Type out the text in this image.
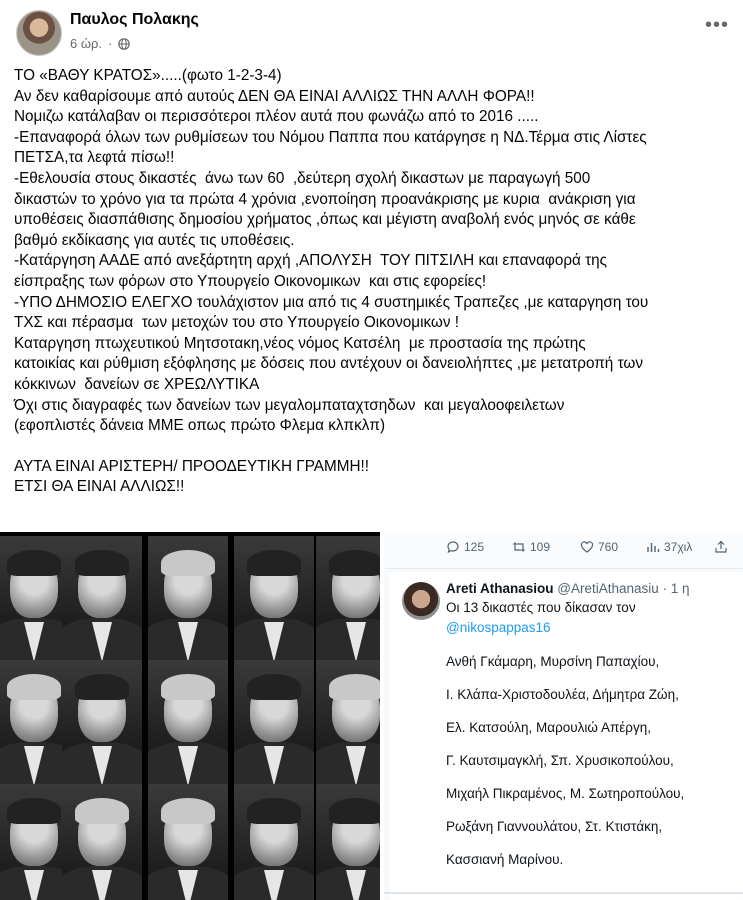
Παυλος Πολακης
6 ώρ. ·
•••

ΤΟ «ΒΑΘΥ ΚΡΑΤΟΣ».....(φωτο 1-2-3-4)

Αν δεν καθαρίσουμε από αυτούς ΔΕΝ ΘΑ ΕΙΝΑΙ ΑΛΛΙΩΣ ΤΗΝ ΑΛΛΗ ΦΟΡΑ!!

Νομιζω κατάλαβαν οι περισσότεροι πλέον αυτά που φωνάζω από το 2016 .....

-Επαναφορά όλων των ρυθμίσεων του Νόμου Παππα που κατάργησε η ΝΔ.Τέρμα στις Λίστες

ΠΕΤΣΑ,τα λεφτά πίσω!!

-Εθελουσία στους δικαστές  άνω των 60  ,δεύτερη σχολή δικαστων με παραγωγή 500

δικαστών το χρόνο για τα πρώτα 4 χρόνια ,ενοποίηση προανάκρισης με κυρια  ανάκριση για

υποθέσεις διασπάθισης δημοσίου χρήματος ,όπως και μέγιστη αναβολή ενός μηνός σε κάθε

βαθμό εκδίκασης για αυτές τις υποθέσεις.

-Κατάργηση ΑΑΔΕ από ανεξάρτητη αρχή ,ΑΠΟΛΥΣΗ  ΤΟΥ ΠΙΤΣΙΛΗ και επαναφορά της

είσπραξης των φόρων στο Υπουργείο Οικονομικων  και στις εφορείες!

-ΥΠΟ ΔΗΜΟΣΙΟ ΕΛΕΓΧΟ τουλάχιστον μια από τις 4 συστημικές Τραπεζες ,με καταργηση του

ΤΧΣ και πέρασμα  των μετοχών του στο Υπουργείο Οικονομικων !

Καταργηση πτωχευτικού Μητσοτακη,νέος νόμος Κατσέλη  με προστασία της πρώτης

κατοικίας και ρύθμιση εξόφλησης με δόσεις που αντέχουν οι δανειολήπτες ,με μετατροπή των

κόκκινων  δανείων σε ΧΡΕΩΛΥΤΙΚΑ

Όχι στις διαγραφές των δανείων των μεγαλομπαταχτσηδων  και μεγαλοοφειλετων

(εφοπλιστές δάνεια ΜΜΕ οπως πρώτο Φλεμα κλπκλπ)

ΑΥΤΑ ΕΙΝΑΙ ΑΡΙΣΤΕΡΗ/ ΠΡΟΟΔΕΥΤΙΚΗ ΓΡΑΜΜΗ!!

ΕΤΣΙ ΘΑ ΕΙΝΑΙ ΑΛΛΙΩΣ!!

125	109	760	37χιλ
Areti Athanasiou @AretiAthanasiu · 1 η
Οι 13 δικαστές που δίκασαν τον
@nikospappas16
Ανθή Γκάμαρη, Μυρσίνη Παπαχίου,
Ι. Κλάπα-Χριστοδουλέα, Δήμητρα Ζώη,
Ελ. Κατσούλη, Μαρουλιώ Απέργη,
Γ. Καυτσιμαγκλή, Σπ. Χρυσικοπούλου,
Μιχαήλ Πικραμένος, Μ. Σωτηροπούλου,
Ρωξάνη Γιαννουλάτου, Στ. Κτιστάκη,
Κασσιανή Μαρίνου.
